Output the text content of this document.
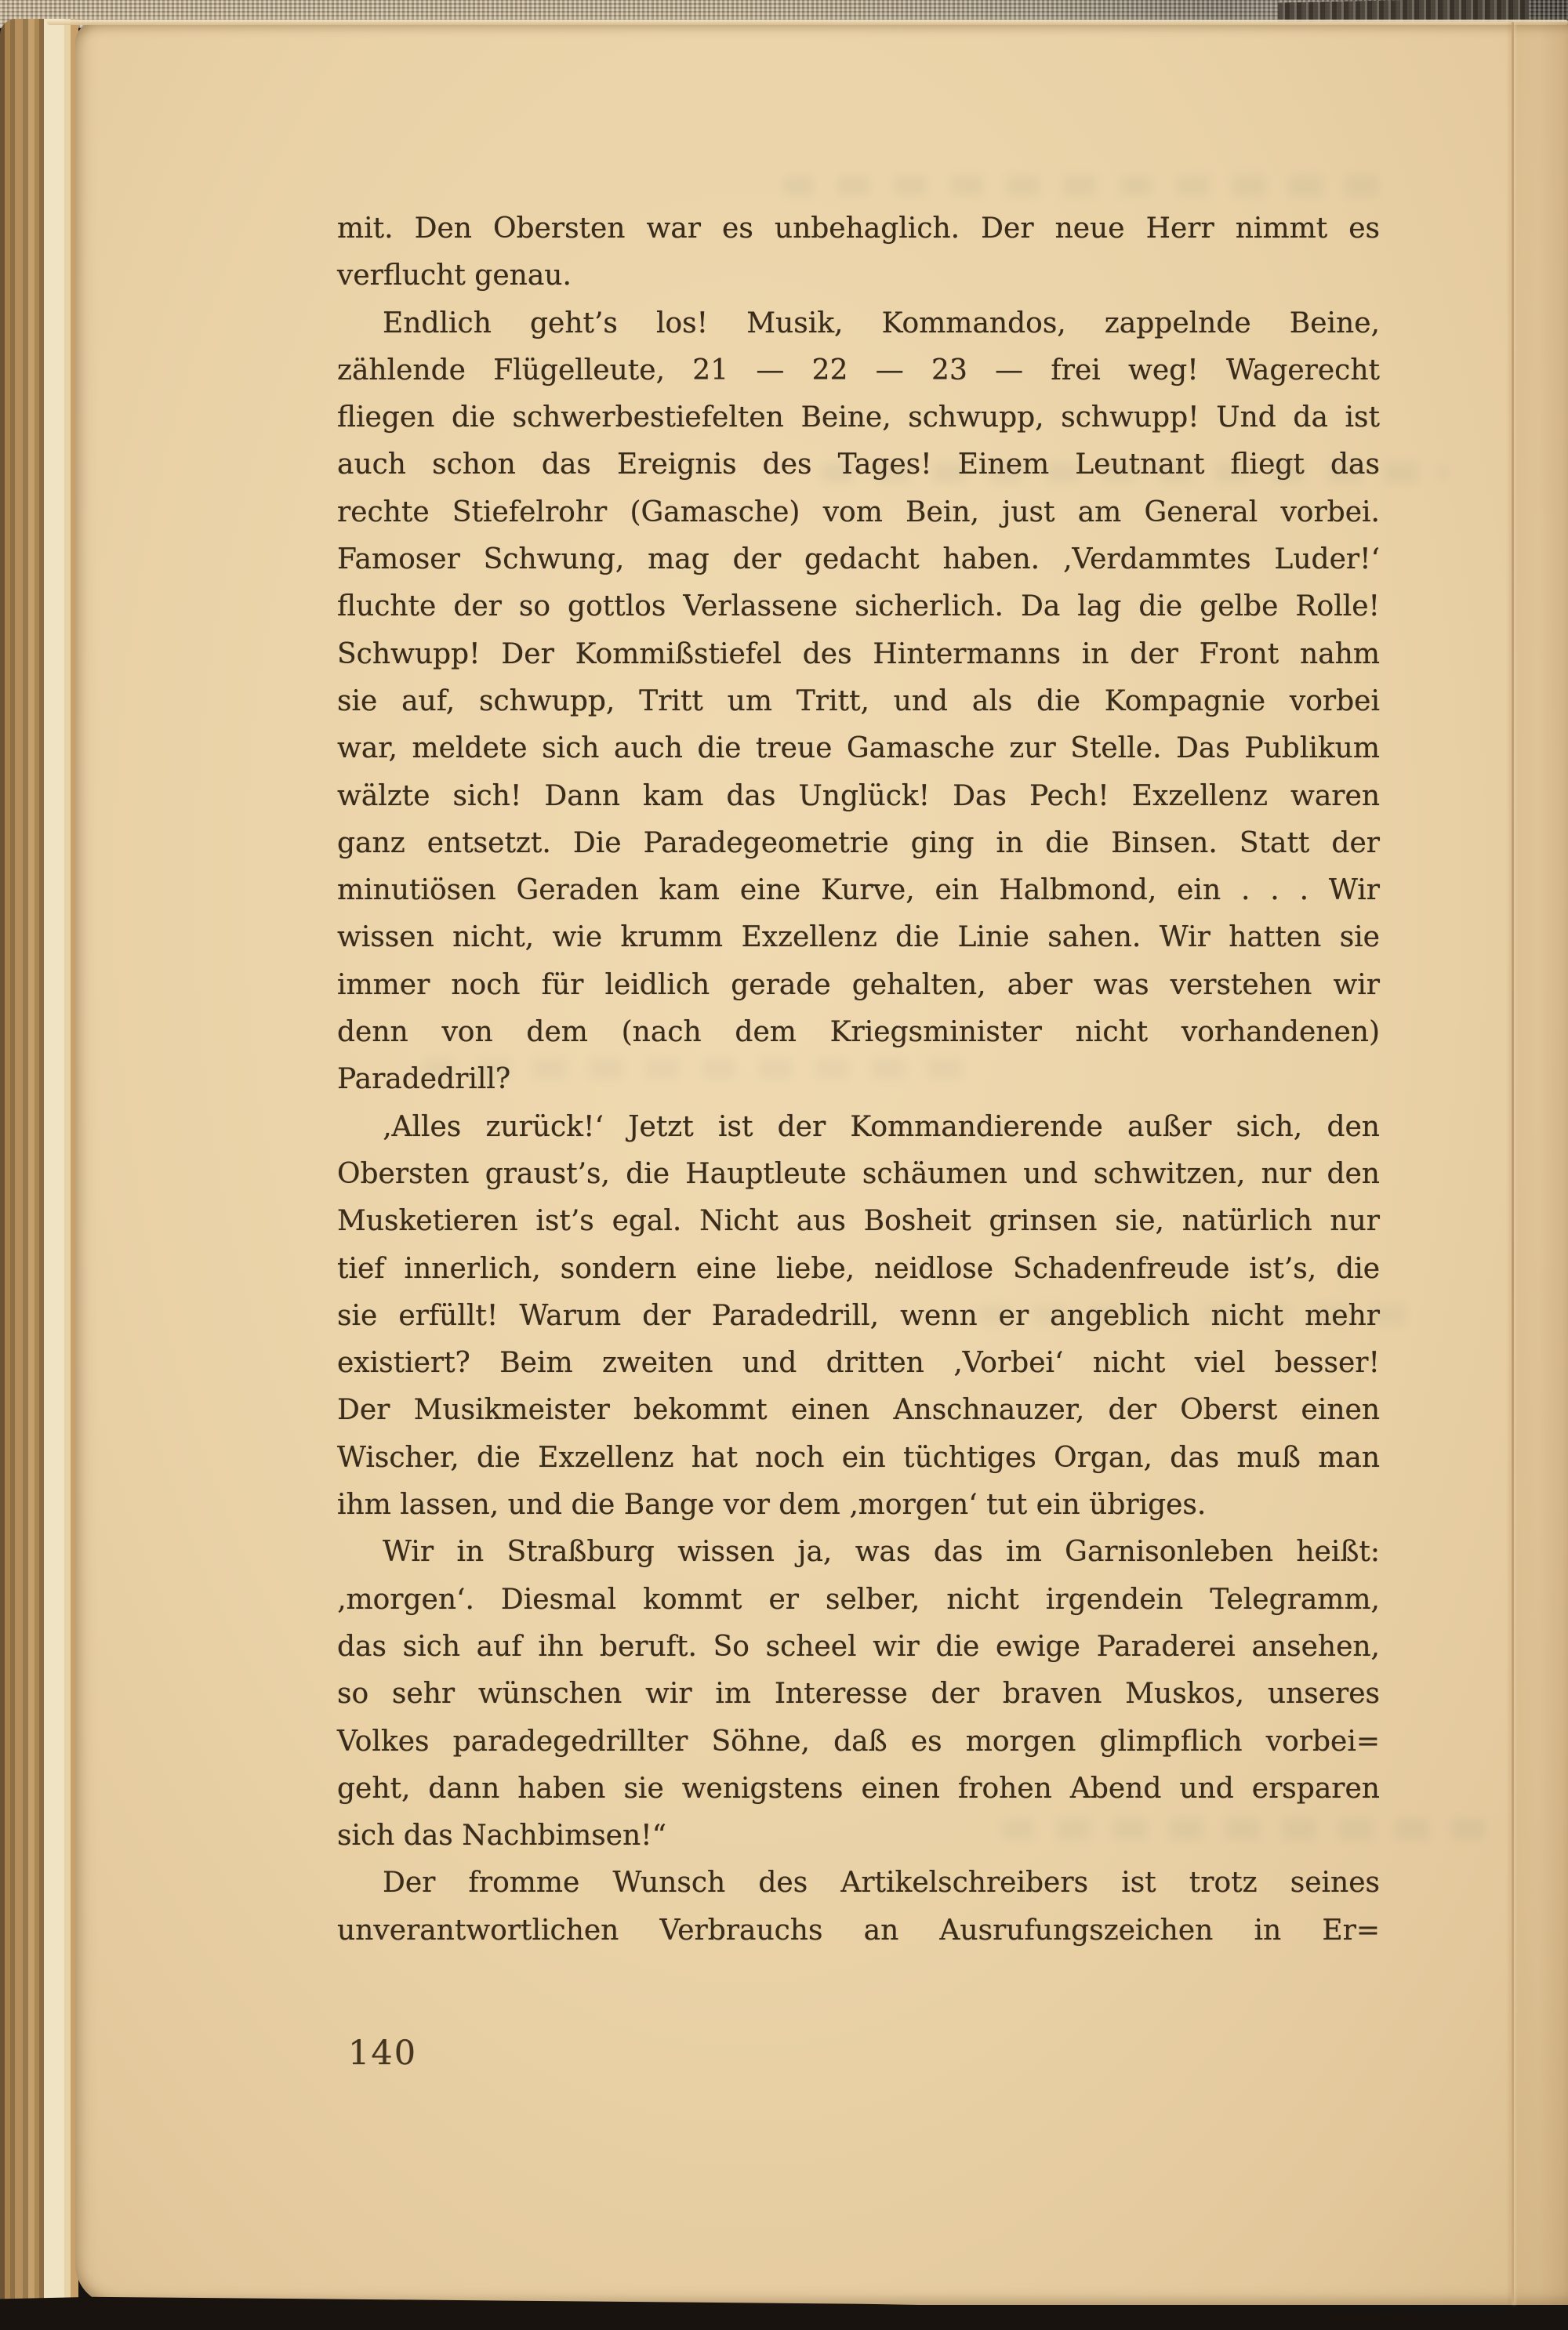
mit. Den Obersten war es unbehaglich. Der neue Herr nimmt es
verflucht genau.
Endlich geht’s los! Musik, Kommandos, zappelnde Beine,
zählende Flügelleute, 21 — 22 — 23 — frei weg! Wagerecht
fliegen die schwerbestiefelten Beine, schwupp, schwupp! Und da ist
auch schon das Ereignis des Tages! Einem Leutnant fliegt das
rechte Stiefelrohr (Gamasche) vom Bein, just am General vorbei.
Famoser Schwung, mag der gedacht haben. ‚Verdammtes Luder!‘
fluchte der so gottlos Verlassene sicherlich. Da lag die gelbe Rolle!
Schwupp! Der Kommißstiefel des Hintermanns in der Front nahm
sie auf, schwupp, Tritt um Tritt, und als die Kompagnie vorbei
war, meldete sich auch die treue Gamasche zur Stelle. Das Publikum
wälzte sich! Dann kam das Unglück! Das Pech! Exzellenz waren
ganz entsetzt. Die Paradegeometrie ging in die Binsen. Statt der
minutiösen Geraden kam eine Kurve, ein Halbmond, ein . . . Wir
wissen nicht, wie krumm Exzellenz die Linie sahen. Wir hatten sie
immer noch für leidlich gerade gehalten, aber was verstehen wir
denn von dem (nach dem Kriegsminister nicht vorhandenen)
Paradedrill?
‚Alles zurück!‘ Jetzt ist der Kommandierende außer sich, den
Obersten graust’s, die Hauptleute schäumen und schwitzen, nur den
Musketieren ist’s egal. Nicht aus Bosheit grinsen sie, natürlich nur
tief innerlich, sondern eine liebe, neidlose Schadenfreude ist’s, die
sie erfüllt! Warum der Paradedrill, wenn er angeblich nicht mehr
existiert? Beim zweiten und dritten ‚Vorbei‘ nicht viel besser!
Der Musikmeister bekommt einen Anschnauzer, der Oberst einen
Wischer, die Exzellenz hat noch ein tüchtiges Organ, das muß man
ihm lassen, und die Bange vor dem ‚morgen‘ tut ein übriges.
Wir in Straßburg wissen ja, was das im Garnisonleben heißt:
‚morgen‘. Diesmal kommt er selber, nicht irgendein Telegramm,
das sich auf ihn beruft. So scheel wir die ewige Paraderei ansehen,
so sehr wünschen wir im Interesse der braven Muskos, unseres
Volkes paradegedrillter Söhne, daß es morgen glimpflich vorbei=
geht, dann haben sie wenigstens einen frohen Abend und ersparen
sich das Nachbimsen!“
Der fromme Wunsch des Artikelschreibers ist trotz seines
unverantwortlichen Verbrauchs an Ausrufungszeichen in Er=
140
